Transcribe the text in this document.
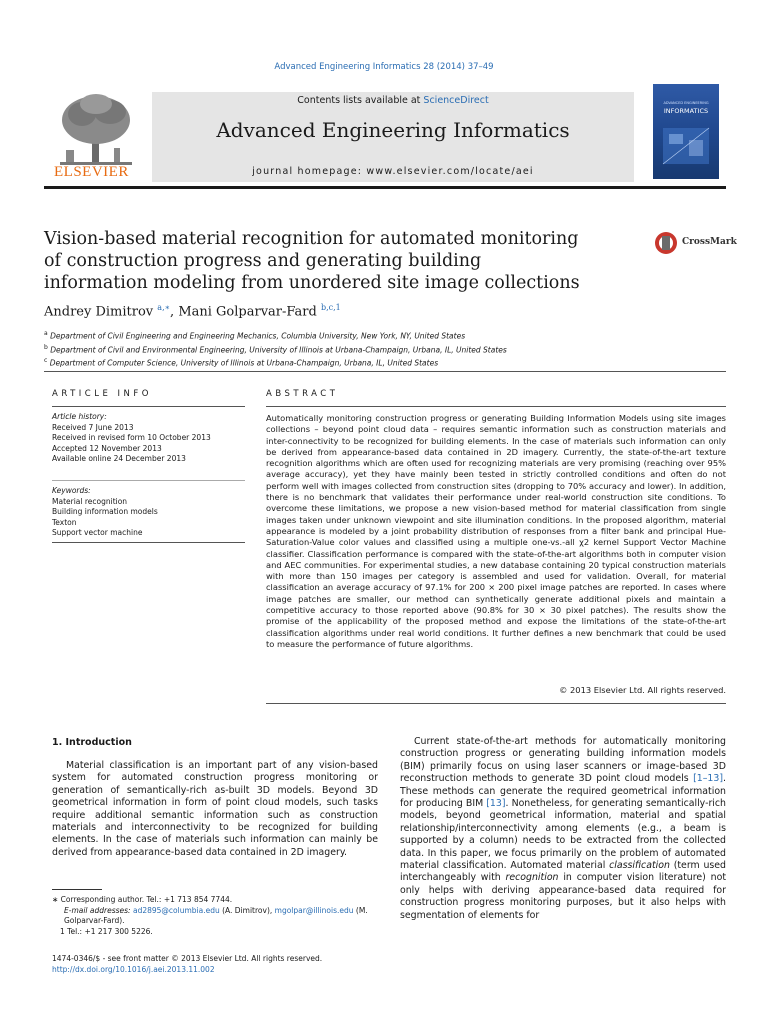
Advanced Engineering Informatics 28 (2014) 37–49
ELSEVIER
Contents lists available at ScienceDirect
Advanced Engineering Informatics
journal homepage: www.elsevier.com/locate/aei
ADVANCED ENGINEERING
INFORMATICS
Vision-based material recognition for automated monitoring of construction progress and generating building information modeling from unordered site image collections
CrossMark
Andrey Dimitrov $^{a,∗}$, Mani Golparvar-Fard $^{b,c,1}$
$^a$ Department of Civil Engineering and Engineering Mechanics, Columbia University, New York, NY, United States
$^b$ Department of Civil and Environmental Engineering, University of Illinois at Urbana-Champaign, Urbana, IL, United States
$^c$ Department of Computer Science, University of Illinois at Urbana-Champaign, Urbana, IL, United States
ARTICLE INFO	ABSTRACT
Article history:
Received 7 June 2013
Received in revised form 10 October 2013
Accepted 12 November 2013
Available online 24 December 2013
Keywords:
Material recognition
Building information models
Texton
Support vector machine
Automatically monitoring construction progress or generating Building Information Models using site images collections – beyond point cloud data – requires semantic information such as construction materials and inter-connectivity to be recognized for building elements. In the case of materials such information can only be derived from appearance-based data contained in 2D imagery. Currently, the state-of-the-art texture recognition algorithms which are often used for recognizing materials are very promising (reaching over 95% average accuracy), yet they have mainly been tested in strictly controlled conditions and often do not perform well with images collected from construction sites (dropping to 70% accuracy and lower). In addition, there is no benchmark that validates their performance under real-world construction site conditions. To overcome these limitations, we propose a new vision-based method for material classification from single images taken under unknown viewpoint and site illumination conditions. In the proposed algorithm, material appearance is modeled by a joint probability distribution of responses from a filter bank and principal Hue-Saturation-Value color values and classified using a multiple one-vs.-all χ2 kernel Support Vector Machine classifier. Classification performance is compared with the state-of-the-art algorithms both in computer vision and AEC communities. For experimental studies, a new database containing 20 typical construction materials with more than 150 images per category is assembled and used for validation. Overall, for material classification an average accuracy of 97.1% for 200 × 200 pixel image patches are reported. In cases where image patches are smaller, our method can synthetically generate additional pixels and maintain a competitive accuracy to those reported above (90.8% for 30 × 30 pixel patches). The results show the promise of the applicability of the proposed method and expose the limitations of the state-of-the-art classification algorithms under real world conditions. It further defines a new benchmark that could be used to measure the performance of future algorithms.
© 2013 Elsevier Ltd. All rights reserved.
1. Introduction
Material classification is an important part of any vision-based system for automated construction progress monitoring or generation of semantically-rich as-built 3D models. Beyond 3D geometrical information in form of point cloud models, such tasks require additional semantic information such as construction materials and interconnectivity to be recognized for building elements. In the case of materials such information can mainly be derived from appearance-based data contained in 2D imagery.
Current state-of-the-art methods for automatically monitoring construction progress or generating building information models (BIM) primarily focus on using laser scanners or image-based 3D reconstruction methods to generate 3D point cloud models [1–13]. These methods can generate the required geometrical information for producing BIM [13]. Nonetheless, for generating semantically-rich models, beyond geometrical information, material and spatial relationship/interconnectivity among elements (e.g., a beam is supported by a column) needs to be extracted from the collected data. In this paper, we focus primarily on the problem of automated material classification. Automated material classification (term used interchangeably with recognition in computer vision literature) not only helps with deriving appearance-based data required for construction progress monitoring purposes, but it also helps with segmentation of elements for
∗ Corresponding author. Tel.: +1 713 854 7744.
E-mail addresses: ad2895@columbia.edu (A. Dimitrov), mgolpar@illinois.edu (M. Golparvar-Fard).
1 Tel.: +1 217 300 5226.
1474-0346/$ - see front matter © 2013 Elsevier Ltd. All rights reserved.
http://dx.doi.org/10.1016/j.aei.2013.11.002
